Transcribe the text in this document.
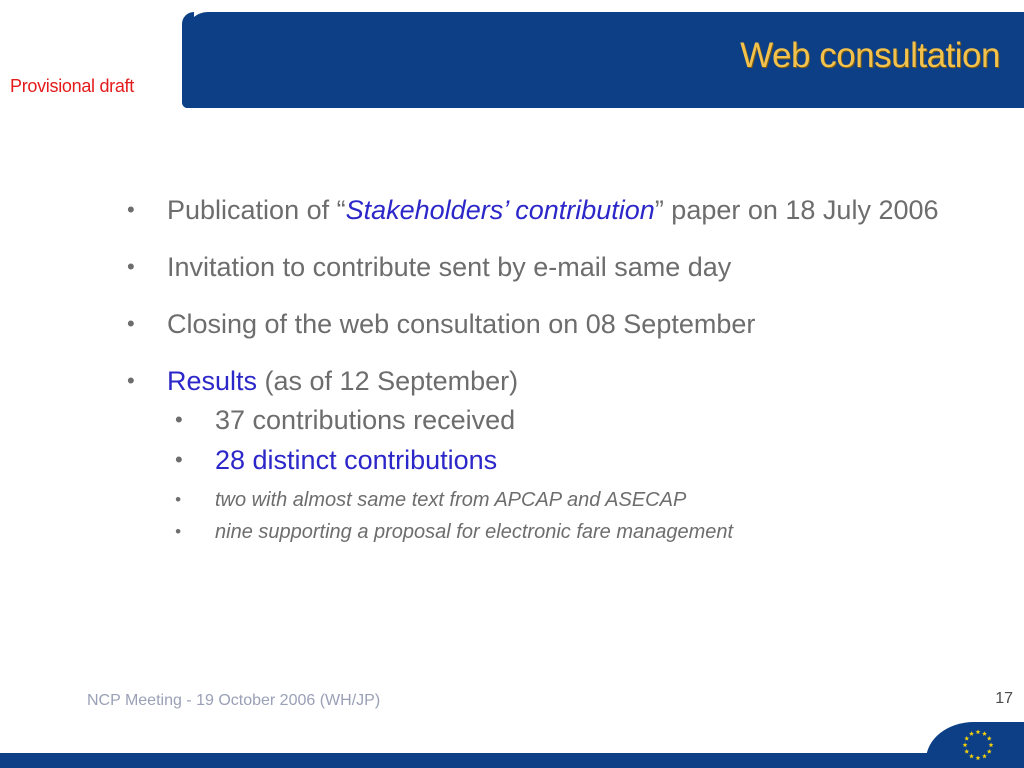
Web consultation

Provisional draft

• Publication of “Stakeholders’ contribution” paper on 18 July 2006
• Invitation to contribute sent by e-mail same day
• Closing of the web consultation on 08 September
• Results (as of 12 September)
• 37 contributions received
• 28 distinct contributions
• two with almost same text from APCAP and ASECAP
• nine supporting a proposal for electronic fare management

NCP Meeting - 19 October 2006 (WH/JP)	17
